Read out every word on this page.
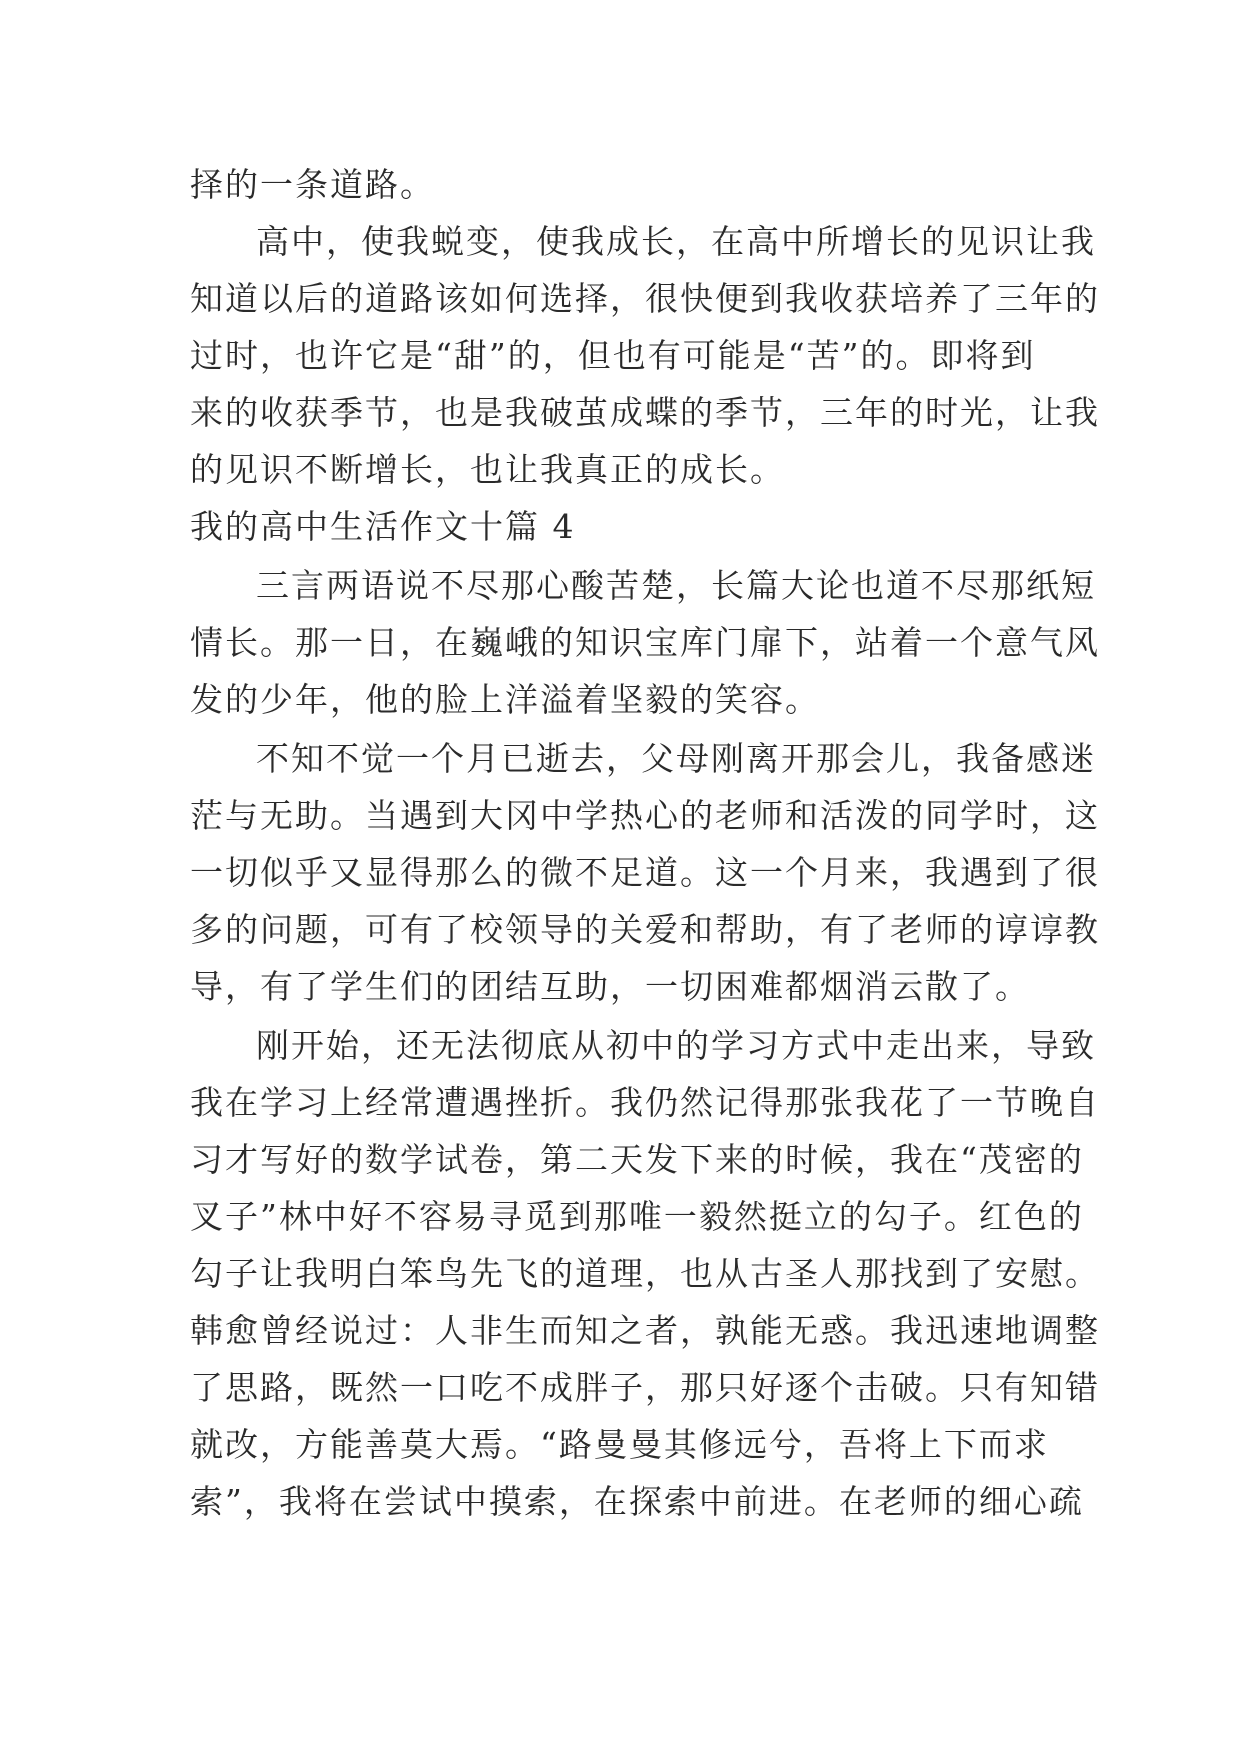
择的一条道路。
高中，使我蜕变，使我成长，在高中所增长的见识让我
知道以后的道路该如何选择，很快便到我收获培养了三年的
过时，也许它是“甜”的，但也有可能是“苦”的。即将到
来的收获季节，也是我破茧成蝶的季节，三年的时光，让我
的见识不断增长，也让我真正的成长。
我的高中生活作文十篇 4
三言两语说不尽那心酸苦楚，长篇大论也道不尽那纸短
情长。那一日，在巍峨的知识宝库门扉下，站着一个意气风
发的少年，他的脸上洋溢着坚毅的笑容。
不知不觉一个月已逝去，父母刚离开那会儿，我备感迷
茫与无助。当遇到大冈中学热心的老师和活泼的同学时，这
一切似乎又显得那么的微不足道。这一个月来，我遇到了很
多的问题，可有了校领导的关爱和帮助，有了老师的谆谆教
导，有了学生们的团结互助，一切困难都烟消云散了。
刚开始，还无法彻底从初中的学习方式中走出来，导致
我在学习上经常遭遇挫折。我仍然记得那张我花了一节晚自
习才写好的数学试卷，第二天发下来的时候，我在“茂密的
叉子”林中好不容易寻觅到那唯一毅然挺立的勾子。红色的
勾子让我明白笨鸟先飞的道理，也从古圣人那找到了安慰。
韩愈曾经说过：人非生而知之者，孰能无惑。我迅速地调整
了思路，既然一口吃不成胖子，那只好逐个击破。只有知错
就改，方能善莫大焉。“路曼曼其修远兮，吾将上下而求
索”，我将在尝试中摸索，在探索中前进。在老师的细心疏
